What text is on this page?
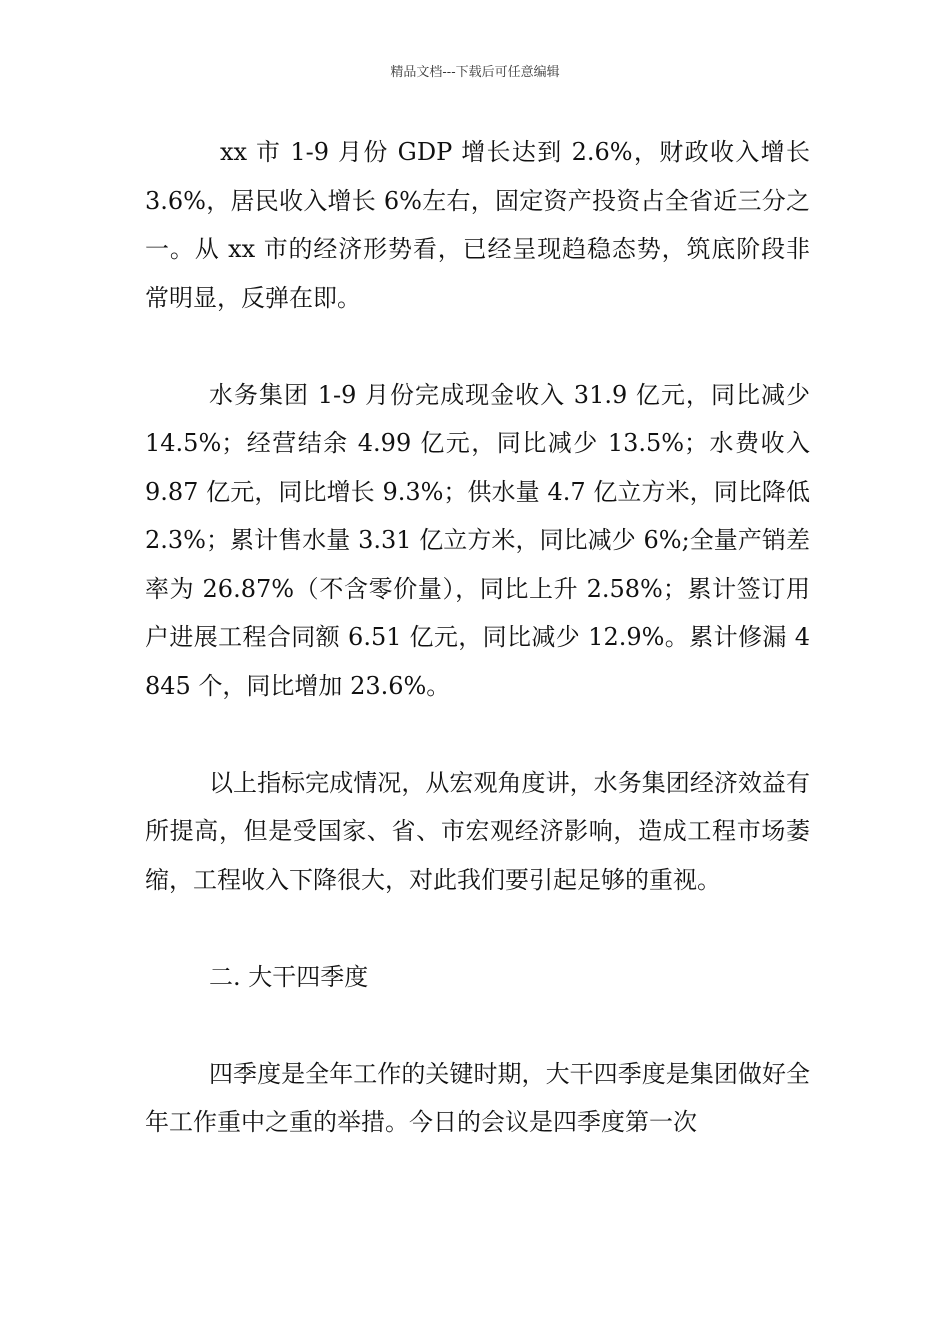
精品文档---下载后可任意编辑

xx 市 1-9 月份 GDP 增长达到 2.6%，财政收入增长 3.6%，居民收入增长 6%左右，固定资产投资占全省近三分之一。从 xx 市的经济形势看，已经呈现趋稳态势，筑底阶段非常明显，反弹在即。

水务集团 1-9 月份完成现金收入 31.9 亿元，同比减少 14.5%；经营结余 4.99 亿元，同比减少 13.5%；水费收入 9.87 亿元，同比增长 9.3%；供水量 4.7 亿立方米，同比降低 2.3%；累计售水量 3.31 亿立方米，同比减少 6%;全量产销差率为 26.87%（不含零价量），同比上升 2.58%；累计签订用户进展工程合同额 6.51 亿元，同比减少 12.9%。累计修漏 4845 个，同比增加 23.6%。

以上指标完成情况，从宏观角度讲，水务集团经济效益有所提高，但是受国家、省、市宏观经济影响，造成工程市场萎缩，工程收入下降很大，对此我们要引起足够的重视。

二. 大干四季度

四季度是全年工作的关键时期，大干四季度是集团做好全年工作重中之重的举措。今日的会议是四季度第一次
